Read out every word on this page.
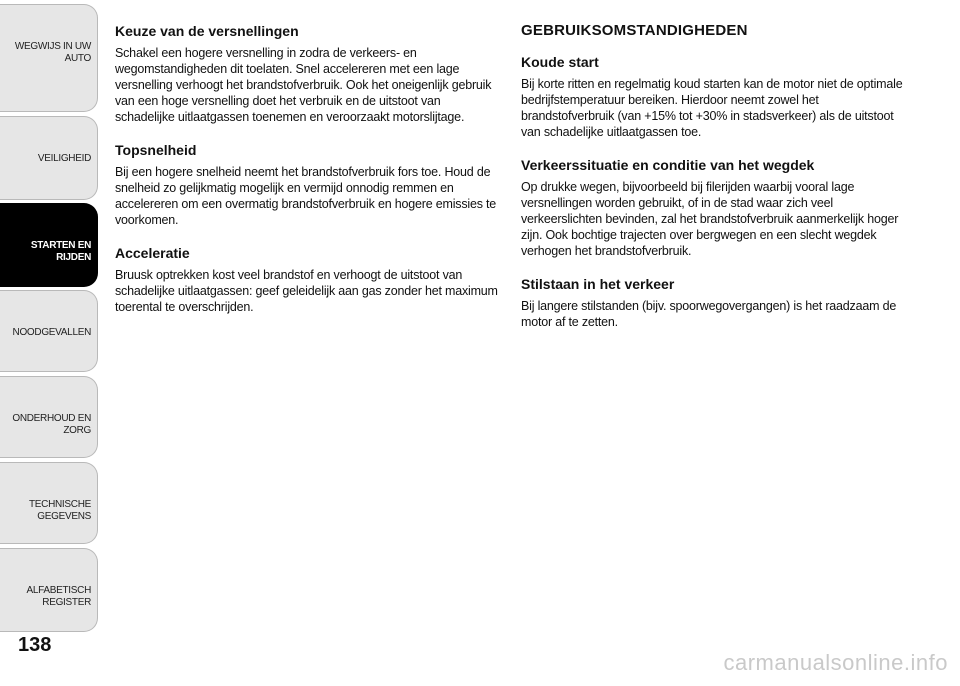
WEGWIJS IN UW
AUTO
VEILIGHEID
STARTEN EN
RIJDEN
NOODGEVALLEN
ONDERHOUD EN
ZORG
TECHNISCHE
GEGEVENS
ALFABETISCH
REGISTER
138
Keuze van de versnellingen

Schakel een hogere versnelling in zodra de verkeers- en wegomstandigheden dit toelaten. Snel accelereren met een lage versnelling verhoogt het brandstofverbruik. Ook het oneigenlijk gebruik van een hoge versnelling doet het verbruik en de uitstoot van schadelijke uitlaatgassen toenemen en veroorzaakt motorslijtage.

Topsnelheid

Bij een hogere snelheid neemt het brandstofverbruik fors toe. Houd de snelheid zo gelijkmatig mogelijk en vermijd onnodig remmen en accelereren om een overmatig brandstofverbruik en hogere emissies te voorkomen.

Acceleratie

Bruusk optrekken kost veel brandstof en verhoogt de uitstoot van schadelijke uitlaatgassen: geef geleidelijk aan gas zonder het maximum toerental te overschrijden.

GEBRUIKSOMSTANDIGHEDEN
Koude start

Bij korte ritten en regelmatig koud starten kan de motor niet de optimale bedrijfstemperatuur bereiken. Hierdoor neemt zowel het brandstofverbruik (van +15% tot +30% in stadsverkeer) als de uitstoot van schadelijke uitlaatgassen toe.

Verkeerssituatie en conditie van het wegdek

Op drukke wegen, bijvoorbeeld bij filerijden waarbij vooral lage versnellingen worden gebruikt, of in de stad waar zich veel verkeerslichten bevinden, zal het brandstofverbruik aanmerkelijk hoger zijn. Ook bochtige trajecten over bergwegen en een slecht wegdek verhogen het brandstofverbruik.

Stilstaan in het verkeer

Bij langere stilstanden (bijv. spoorwegovergangen) is het raadzaam de motor af te zetten.

carmanualsonline.info
